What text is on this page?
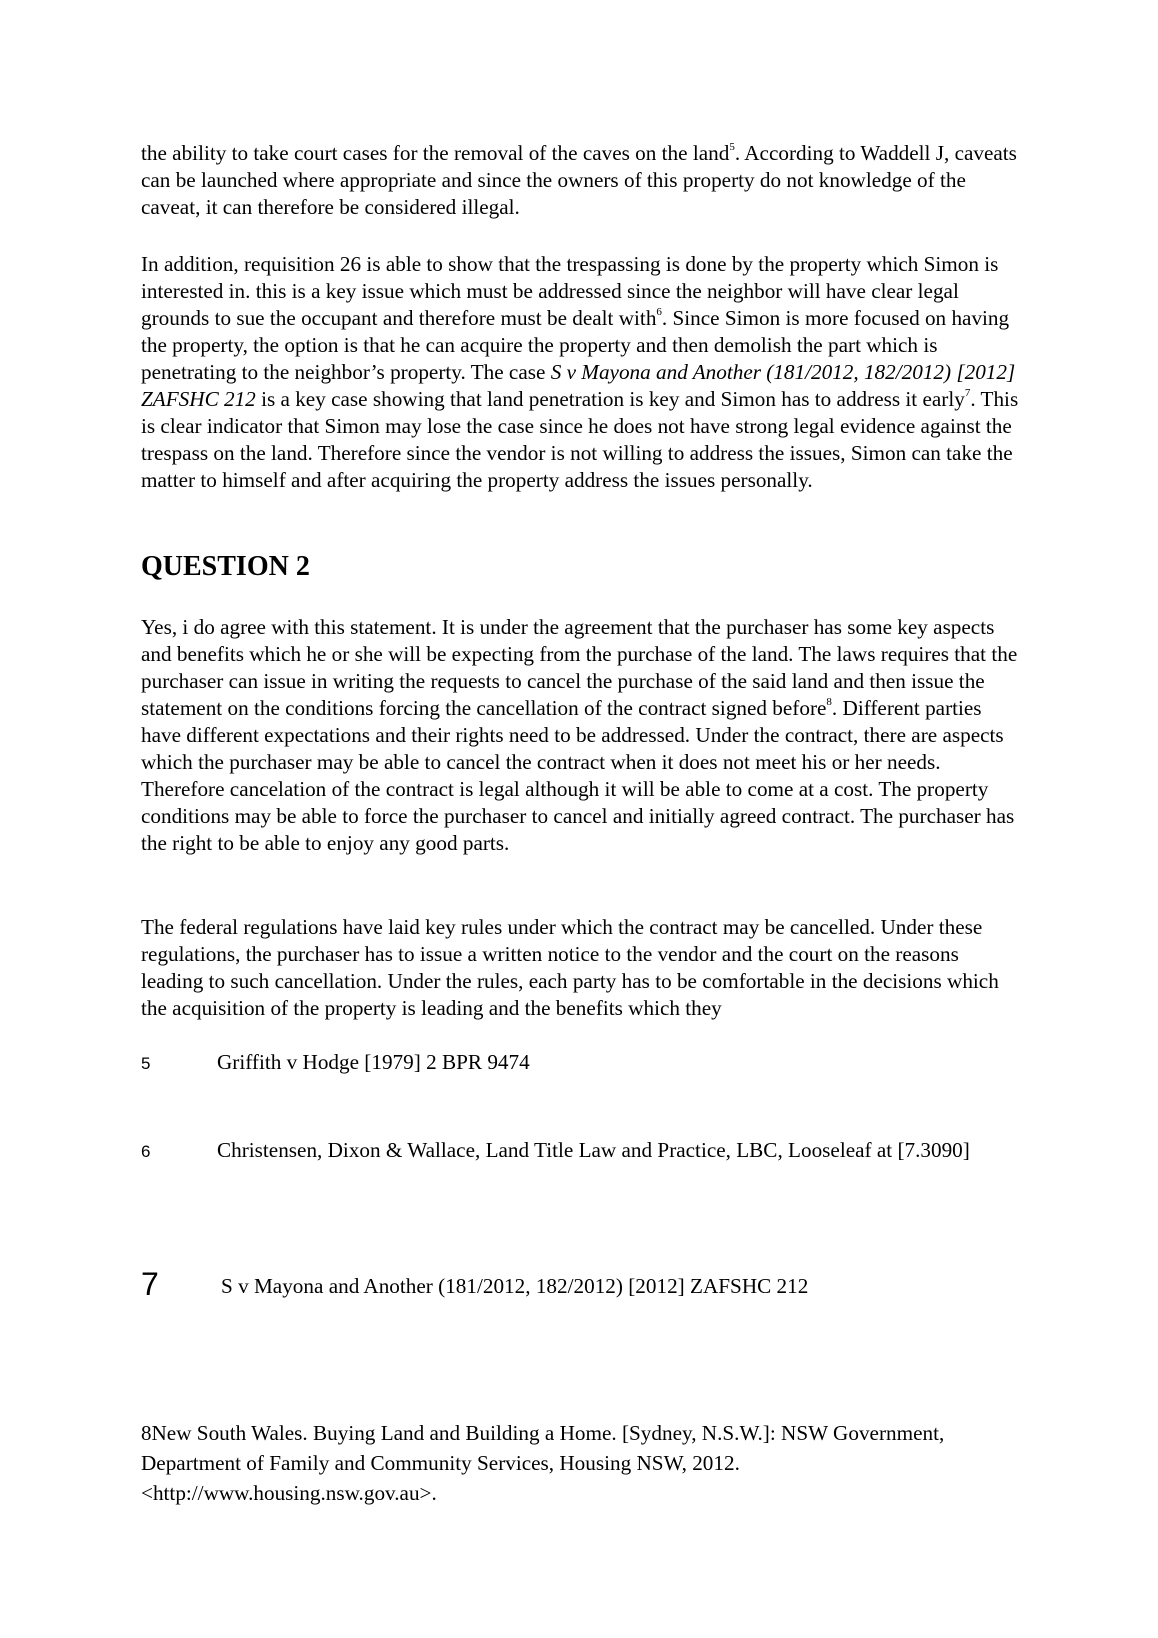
the ability to take court cases for the removal of the caves on the land$^5$. According to Waddell J, caveats can be launched where appropriate and since the owners of this property do not knowledge of the caveat, it can therefore be considered illegal.

In addition, requisition 26 is able to show that the trespassing is done by the property which Simon is interested in. this is a key issue which must be addressed since the neighbor will have clear legal grounds to sue the occupant and therefore must be dealt with$^6$. Since Simon is more focused on having the property, the option is that he can acquire the property and then demolish the part which is penetrating to the neighbor’s property. The case S v Mayona and Another (181/2012, 182/2012) [2012] ZAFSHC 212 is a key case showing that land penetration is key and Simon has to address it early$^7$. This is clear indicator that Simon may lose the case since he does not have strong legal evidence against the trespass on the land. Therefore since the vendor is not willing to address the issues, Simon can take the matter to himself and after acquiring the property address the issues personally.

QUESTION 2

Yes, i do agree with this statement. It is under the agreement that the purchaser has some key aspects and benefits which he or she will be expecting from the purchase of the land. The laws requires that the purchaser can issue in writing the requests to cancel the purchase of the said land and then issue the statement on the conditions forcing the cancellation of the contract signed before$^8$. Different parties have different expectations and their rights need to be addressed. Under the contract, there are aspects which the purchaser may be able to cancel the contract when it does not meet his or her needs. Therefore cancelation of the contract is legal although it will be able to come at a cost. The property conditions may be able to force the purchaser to cancel and initially agreed contract. The purchaser has the right to be able to enjoy any good parts.

The federal regulations have laid key rules under which the contract may be cancelled. Under these regulations, the purchaser has to issue a written notice to the vendor and the court on the reasons leading to such cancellation. Under the rules, each party has to be comfortable in the decisions which the acquisition of the property is leading and the benefits which they

5	Griffith v Hodge [1979] 2 BPR 9474
6	Christensen, Dixon & Wallace, Land Title Law and Practice, LBC, Looseleaf at [7.3090]
7	S v Mayona and Another (181/2012, 182/2012) [2012] ZAFSHC 212
8New South Wales. Buying Land and Building a Home. [Sydney, N.S.W.]: NSW Government, Department of Family and Community Services, Housing NSW, 2012. <http://www.housing.nsw.gov.au>.
